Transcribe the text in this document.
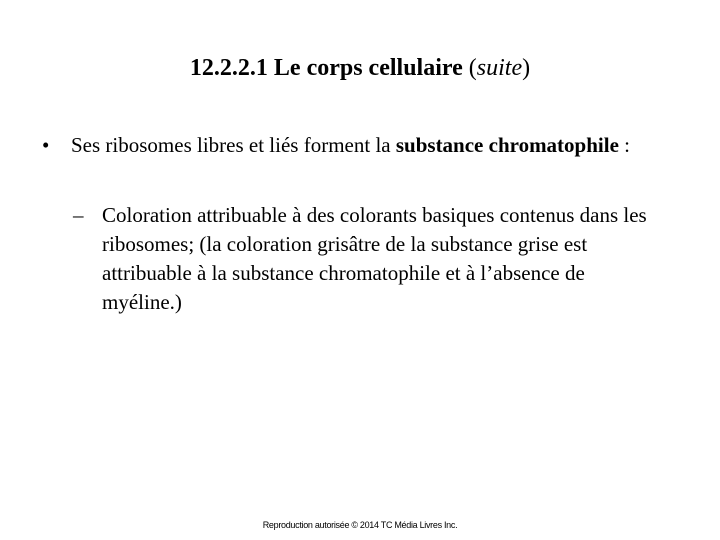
12.2.2.1 Le corps cellulaire (suite)
• Ses ribosomes libres et liés forment la substance chromatophile :
– Coloration attribuable à des colorants basiques contenus dans les ribosomes; (la coloration grisâtre de la substance grise est attribuable à la substance chromatophile et à l’absence de myéline.)
Reproduction autorisée © 2014 TC Média Livres Inc.
